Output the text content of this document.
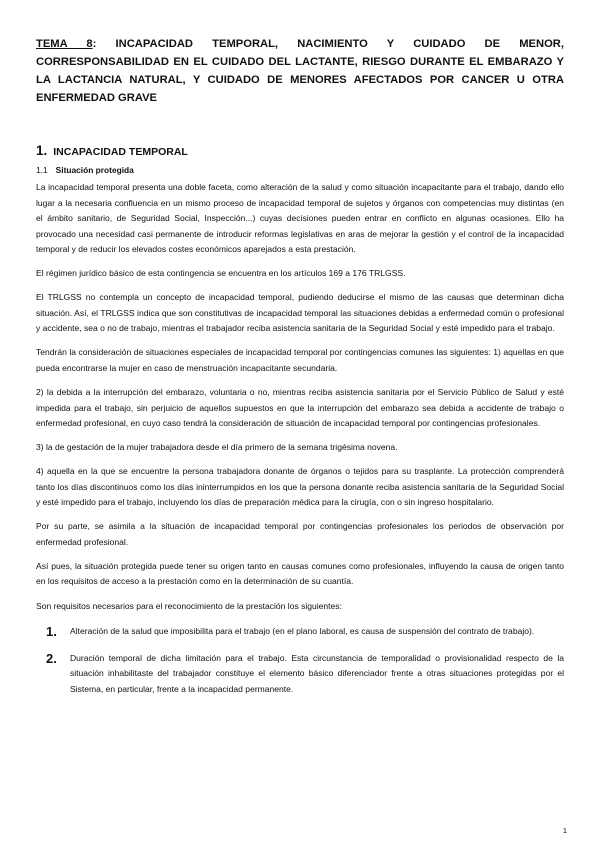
TEMA 8: INCAPACIDAD TEMPORAL, NACIMIENTO Y CUIDADO DE MENOR, CORRESPONSABILIDAD EN EL CUIDADO DEL LACTANTE, RIESGO DURANTE EL EMBARAZO Y LA LACTANCIA NATURAL, Y CUIDADO DE MENORES AFECTADOS POR CANCER U OTRA ENFERMEDAD GRAVE
1. INCAPACIDAD TEMPORAL
1.1 Situación protegida

La incapacidad temporal presenta una doble faceta, como alteración de la salud y como situación incapacitante para el trabajo, dando ello lugar a la necesaria confluencia en un mismo proceso de incapacidad temporal de sujetos y órganos con competencias muy distintas (en el ámbito sanitario, de Seguridad Social, Inspección...) cuyas decisiones pueden entrar en conflicto en algunas ocasiones. Ello ha provocado una necesidad casi permanente de introducir reformas legislativas en aras de mejorar la gestión y el control de la incapacidad temporal y de reducir los elevados costes económicos aparejados a esta prestación.

El régimen jurídico básico de esta contingencia se encuentra en los artículos 169 a 176 TRLGSS.

El TRLGSS no contempla un concepto de incapacidad temporal, pudiendo deducirse el mismo de las causas que determinan dicha situación. Así, el TRLGSS indica que son constitutivas de incapacidad temporal las situaciones debidas a enfermedad común o profesional y accidente, sea o no de trabajo, mientras el trabajador reciba asistencia sanitaria de la Seguridad Social y esté impedido para el trabajo.

Tendrán la consideración de situaciones especiales de incapacidad temporal por contingencias comunes las siguientes: 1) aquellas en que pueda encontrarse la mujer en caso de menstruación incapacitante secundaria.

2) la debida a la interrupción del embarazo, voluntaria o no, mientras reciba asistencia sanitaria por el Servicio Público de Salud y esté impedida para el trabajo, sin perjuicio de aquellos supuestos en que la interrupción del embarazo sea debida a accidente de trabajo o enfermedad profesional, en cuyo caso tendrá la consideración de situación de incapacidad temporal por contingencias profesionales.

3) la de gestación de la mujer trabajadora desde el día primero de la semana trigésima novena.

4) aquella en la que se encuentre la persona trabajadora donante de órganos o tejidos para su trasplante. La protección comprenderá tanto los días discontinuos como los días ininterrumpidos en los que la persona donante reciba asistencia sanitaria de la Seguridad Social y esté impedido para el trabajo, incluyendo los días de preparación médica para la cirugía, con o sin ingreso hospitalario.

Por su parte, se asimila a la situación de incapacidad temporal por contingencias profesionales los periodos de observación por enfermedad profesional.

Así pues, la situación protegida puede tener su origen tanto en causas comunes como profesionales, influyendo la causa de origen tanto en los requisitos de acceso a la prestación como en la determinación de su cuantía.

Son requisitos necesarios para el reconocimiento de la prestación los siguientes:

1.	Alteración de la salud que imposibilita para el trabajo (en el plano laboral, es causa de suspensión del contrato de trabajo).
2.	Duración temporal de dicha limitación para el trabajo. Esta circunstancia de temporalidad o provisionalidad respecto de la situación inhabilitaste del trabajador constituye el elemento básico diferenciador frente a otras situaciones protegidas por el Sistema, en particular, frente a la incapacidad permanente.
1
